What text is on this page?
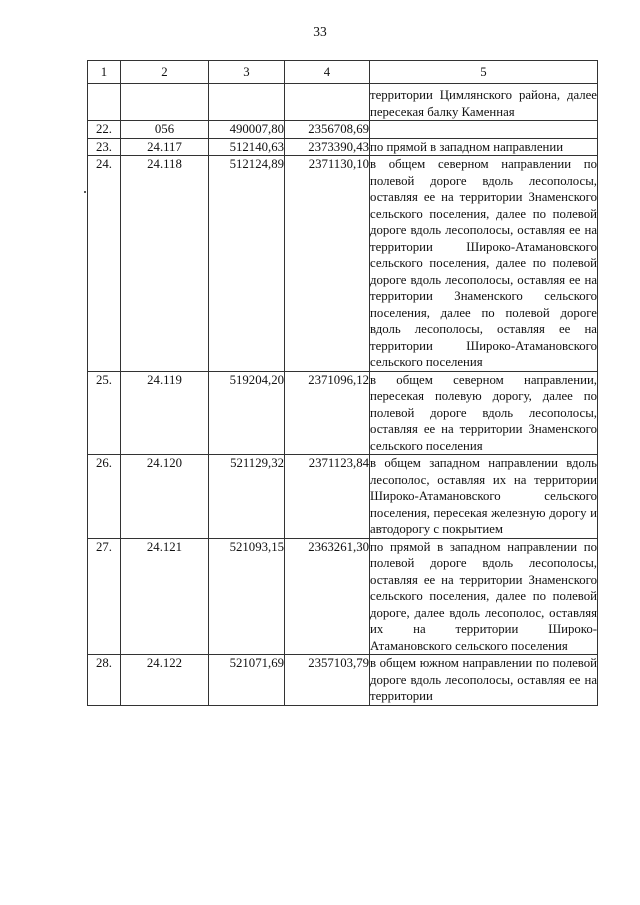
33
1	2	3	4	5
				территории Цимлянского района, далее пересекая балку Каменная
22.	056	490007,80	2356708,69	
23.	24.117	512140,63	2373390,43	по прямой в западном направлении
24.	24.118	512124,89	2371130,10	в общем северном направлении по полевой дороге вдоль лесополосы, оставляя ее на территории Знаменского сельского поселения, далее по полевой дороге вдоль лесополосы, оставляя ее на территории Широко-Атамановского сельского поселения, далее по полевой дороге вдоль лесополосы, оставляя ее на территории Знаменского сельского поселения, далее по полевой дороге вдоль лесополосы, оставляя ее на территории Широко-Атамановского сельского поселения
25.	24.119	519204,20	2371096,12	в общем северном направлении, пересекая полевую дорогу, далее по полевой дороге вдоль лесополосы, оставляя ее на территории Знаменского сельского поселения
26.	24.120	521129,32	2371123,84	в общем западном направлении вдоль лесополос, оставляя их на территории Широко-Атамановского сельского поселения, пересекая железную дорогу и автодорогу с покрытием
27.	24.121	521093,15	2363261,30	по прямой в западном направлении по полевой дороге вдоль лесополосы, оставляя ее на территории Знаменского сельского поселения, далее по полевой дороге, далее вдоль лесополос, оставляя их на территории Широко-Атамановского сельского поселения
28.	24.122	521071,69	2357103,79	в общем южном направлении по полевой дороге вдоль лесополосы, оставляя ее на территории
